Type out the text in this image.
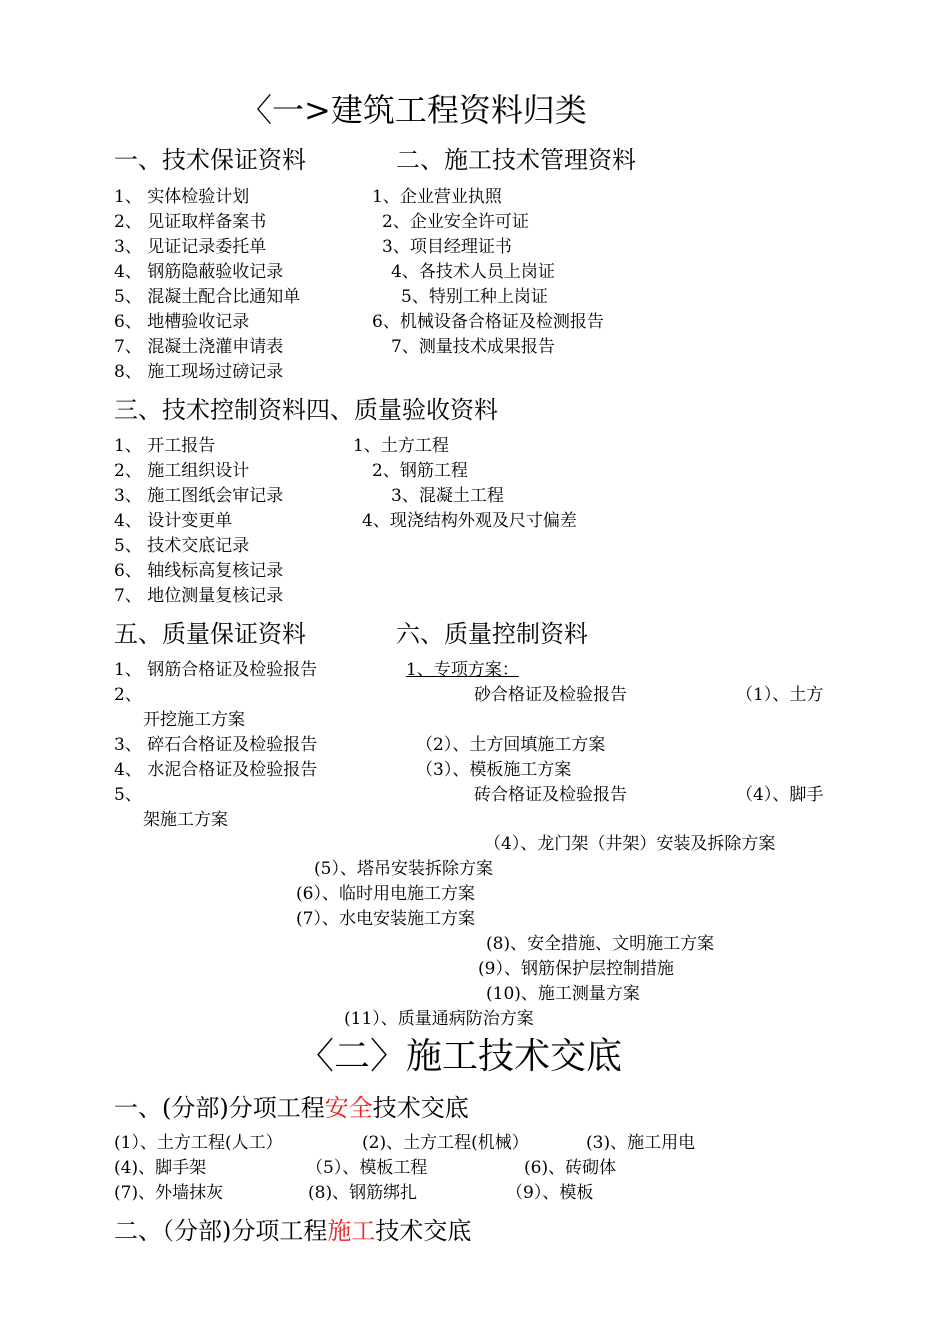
〈一>建筑工程资料归类
一、技术保证资料	二、施工技术管理资料
1、 实体检验计划
2、 见证取样备案书
3、 见证记录委托单
4、 钢筋隐蔽验收记录
5、 混凝土配合比通知单
6、 地槽验收记录
7、 混凝土浇灌申请表
8、 施工现场过磅记录
1、企业营业执照
2、企业安全许可证
3、项目经理证书
4、各技术人员上岗证
5、特别工种上岗证
6、机械设备合格证及检测报告
7、测量技术成果报告
三、技术控制资料四、质量验收资料
1、 开工报告
2、 施工组织设计
3、 施工图纸会审记录
4、 设计变更单
5、 技术交底记录
6、 轴线标高复核记录
7、 地位测量复核记录
1、土方工程
2、钢筋工程
3、混凝土工程
4、现浇结构外观及尺寸偏差
五、质量保证资料	六、质量控制资料
1、 钢筋合格证及检验报告	1、专项方案：
2、	砂合格证及检验报告	（1）、土方
开挖施工方案
3、 碎石合格证及检验报告	（2）、土方回填施工方案
4、 水泥合格证及检验报告	（3）、模板施工方案
5、	砖合格证及检验报告	（4）、脚手
架施工方案
（4）、龙门架（井架）安装及拆除方案
(5）、塔吊安装拆除方案
(6）、临时用电施工方案
(7）、水电安装施工方案
(8)、安全措施、文明施工方案
(9）、钢筋保护层控制措施
(10)、施工测量方案
(11）、质量通病防治方案
〈二〉施工技术交底
一、(分部)分项工程安全技术交底
(1）、土方工程(人工）	(2)、土方工程(机械）	(3)、施工用电
(4)、脚手架	（5）、模板工程	(6)、砖砌体
(7)、外墙抹灰	(8)、钢筋绑扎	（9）、模板
二、（分部)分项工程施工技术交底
